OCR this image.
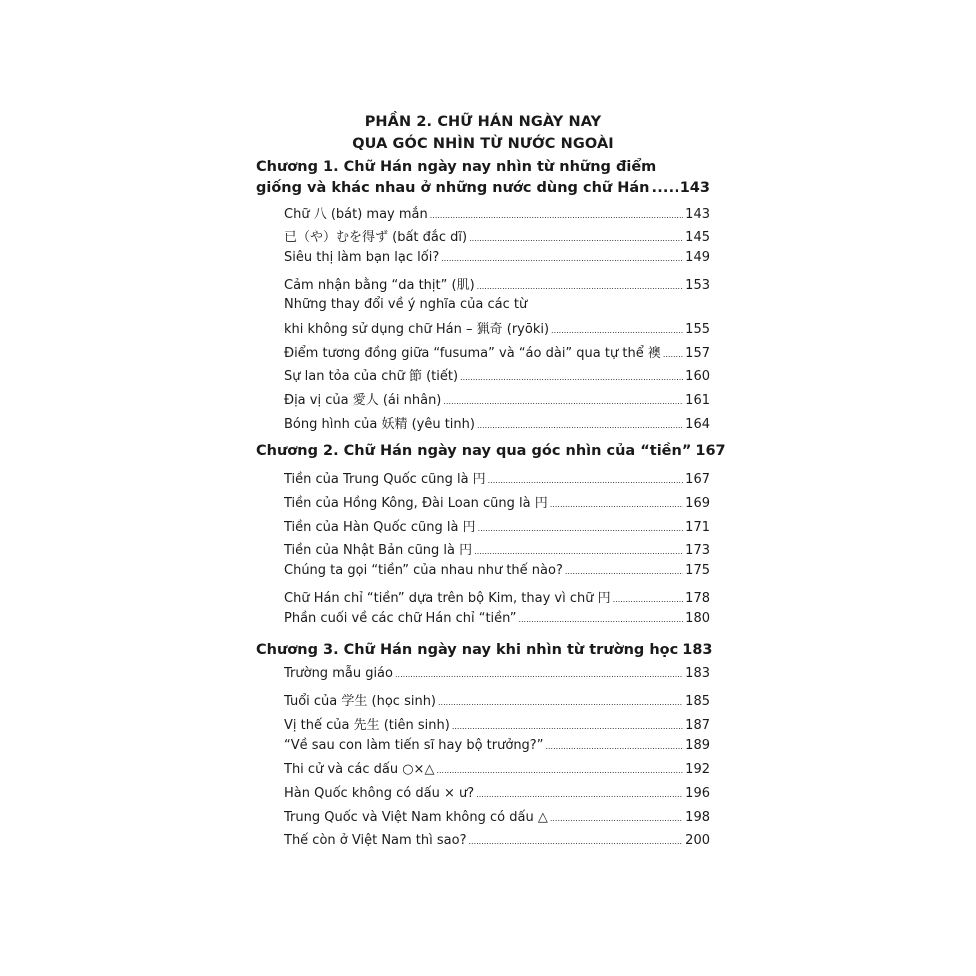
PHẦN 2. CHỮ HÁN NGÀY NAY
QUA GÓC NHÌN TỪ NƯỚC NGOÀI
Chương 1. Chữ Hán ngày nay nhìn từ những điểm
giống và khác nhau ở những nước dùng chữ Hán ..... 143
Chữ 八 (bát) may mắn .....	143
已（や）むを得ず (bất đắc dĩ) .....	145
Siêu thị làm bạn lạc lối? .....	149
Cảm nhận bằng “da thịt” (肌) .....	153
Những thay đổi về ý nghĩa của các từ
khi không sử dụng chữ Hán – 猟奇 (ryōki) .....	155
Điểm tương đồng giữa “fusuma” và “áo dài” qua tự thể 襖 ..... 157
Sự lan tỏa của chữ 節 (tiết) .....	160
Địa vị của 愛人 (ái nhân) .....	161
Bóng hình của 妖精 (yêu tinh) .....	164
Chương 2. Chữ Hán ngày nay qua góc nhìn của “tiền” 167
Tiền của Trung Quốc cũng là 円 .....	167
Tiền của Hồng Kông, Đài Loan cũng là 円 .....	169
Tiền của Hàn Quốc cũng là 円 .....	171
Tiền của Nhật Bản cũng là 円 .....	173
Chúng ta gọi “tiền” của nhau như thế nào? .....	175
Chữ Hán chỉ “tiền” dựa trên bộ Kim, thay vì chữ 円 .....	178
Phần cuối về các chữ Hán chỉ “tiền” .....	180
Chương 3. Chữ Hán ngày nay khi nhìn từ trường học 183
Trường mẫu giáo .....	183
Tuổi của 学生 (học sinh) .....	185
Vị thế của 先生 (tiên sinh) .....	187
“Về sau con làm tiến sĩ hay bộ trưởng?” .....	189
Thi cử và các dấu ○×△ .....	192
Hàn Quốc không có dấu × ư? .....	196
Trung Quốc và Việt Nam không có dấu △ .....	198
Thế còn ở Việt Nam thì sao? .....	200
